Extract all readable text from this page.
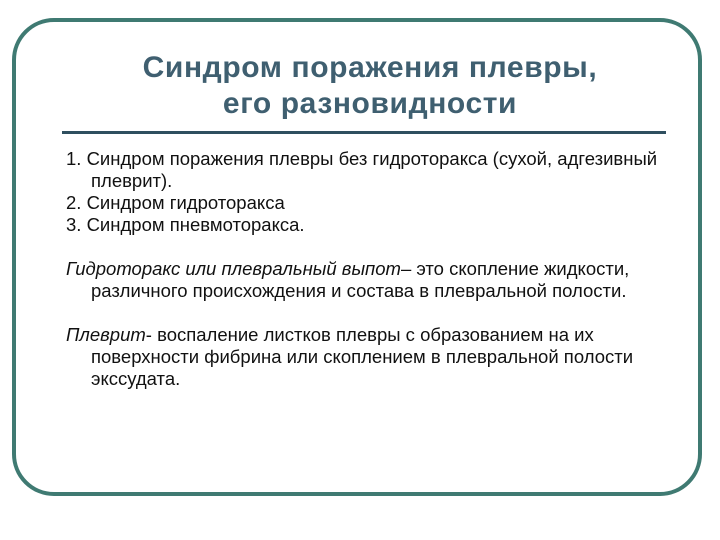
Синдром поражения плевры,
его разновидности

1. Синдром поражения плевры без гидроторакса (сухой, адгезивный плеврит).

2. Синдром гидроторакса

3. Синдром пневмоторакса.

Гидроторакс или плевральный выпот– это скопление жидкости, различного происхождения и состава в плевральной полости.

Плеврит- воспаление листков плевры с образованием на их поверхности фибрина или скоплением в плевральной полости экссудата.
